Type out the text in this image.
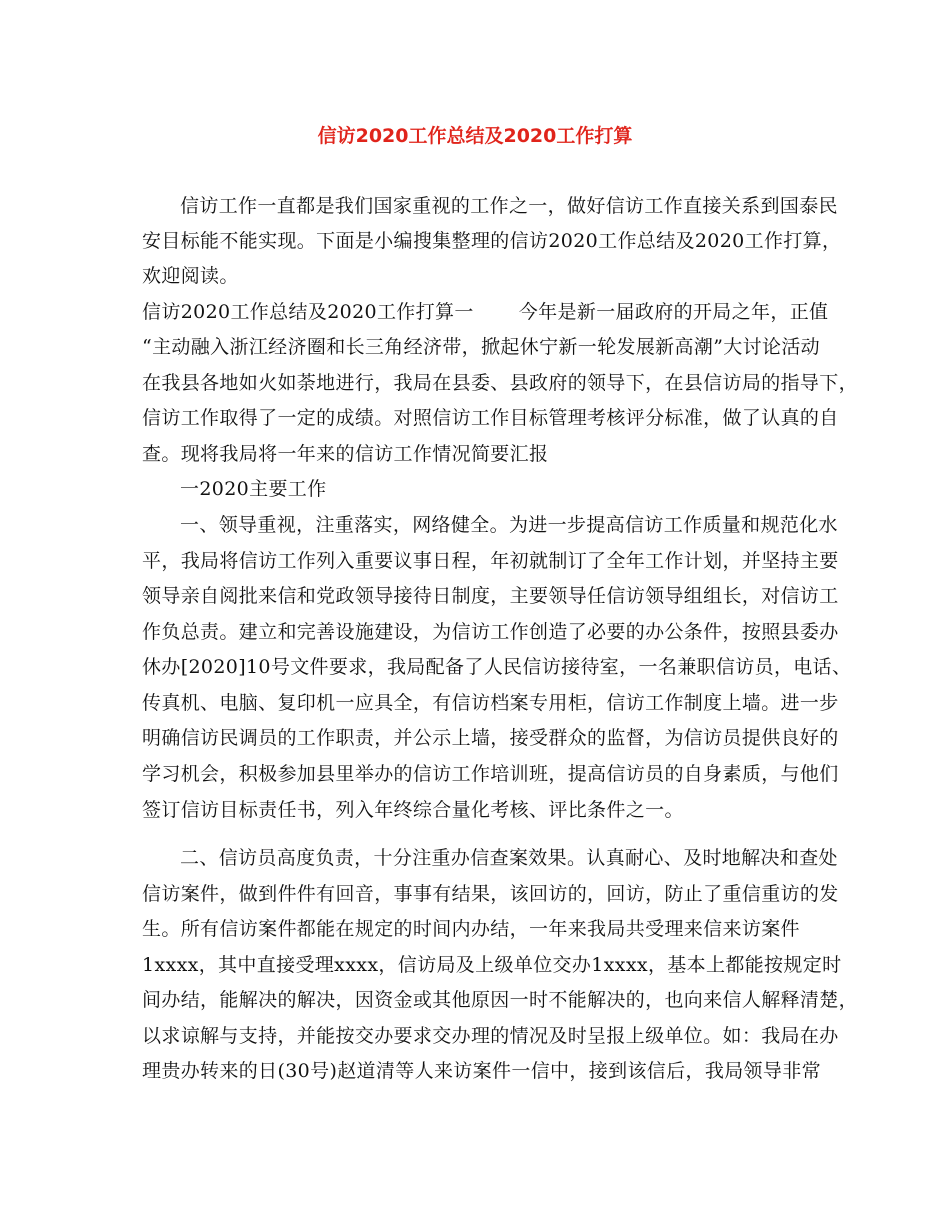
信访2020工作总结及2020工作打算
信访工作一直都是我们国家重视的工作之一，做好信访工作直接关系到国泰民
安目标能不能实现。下面是小编搜集整理的信访2020工作总结及2020工作打算，
欢迎阅读。
信访2020工作总结及2020工作打算一　　 今年是新一届政府的开局之年，正值
“主动融入浙江经济圈和长三角经济带，掀起休宁新一轮发展新高潮”大讨论活动
在我县各地如火如荼地进行，我局在县委、县政府的领导下，在县信访局的指导下，
信访工作取得了一定的成绩。对照信访工作目标管理考核评分标准，做了认真的自
查。现将我局将一年来的信访工作情况简要汇报
一2020主要工作
一、领导重视，注重落实，网络健全。为进一步提高信访工作质量和规范化水
平，我局将信访工作列入重要议事日程，年初就制订了全年工作计划，并坚持主要
领导亲自阅批来信和党政领导接待日制度，主要领导任信访领导组组长，对信访工
作负总责。建立和完善设施建设，为信访工作创造了必要的办公条件，按照县委办
休办[2020]10号文件要求，我局配备了人民信访接待室，一名兼职信访员，电话、
传真机、电脑、复印机一应具全，有信访档案专用柜，信访工作制度上墙。进一步
明确信访民调员的工作职责，并公示上墙，接受群众的监督，为信访员提供良好的
学习机会，积极参加县里举办的信访工作培训班，提高信访员的自身素质，与他们
签订信访目标责任书，列入年终综合量化考核、评比条件之一。
二、信访员高度负责，十分注重办信查案效果。认真耐心、及时地解决和查处
信访案件，做到件件有回音，事事有结果，该回访的，回访，防止了重信重访的发
生。所有信访案件都能在规定的时间内办结，一年来我局共受理来信来访案件
1xxxx，其中直接受理xxxx，信访局及上级单位交办1xxxx，基本上都能按规定时
间办结，能解决的解决，因资金或其他原因一时不能解决的，也向来信人解释清楚，
以求谅解与支持，并能按交办要求交办理的情况及时呈报上级单位。如：我局在办
理贵办转来的日(30号)赵道清等人来访案件一信中，接到该信后，我局领导非常
